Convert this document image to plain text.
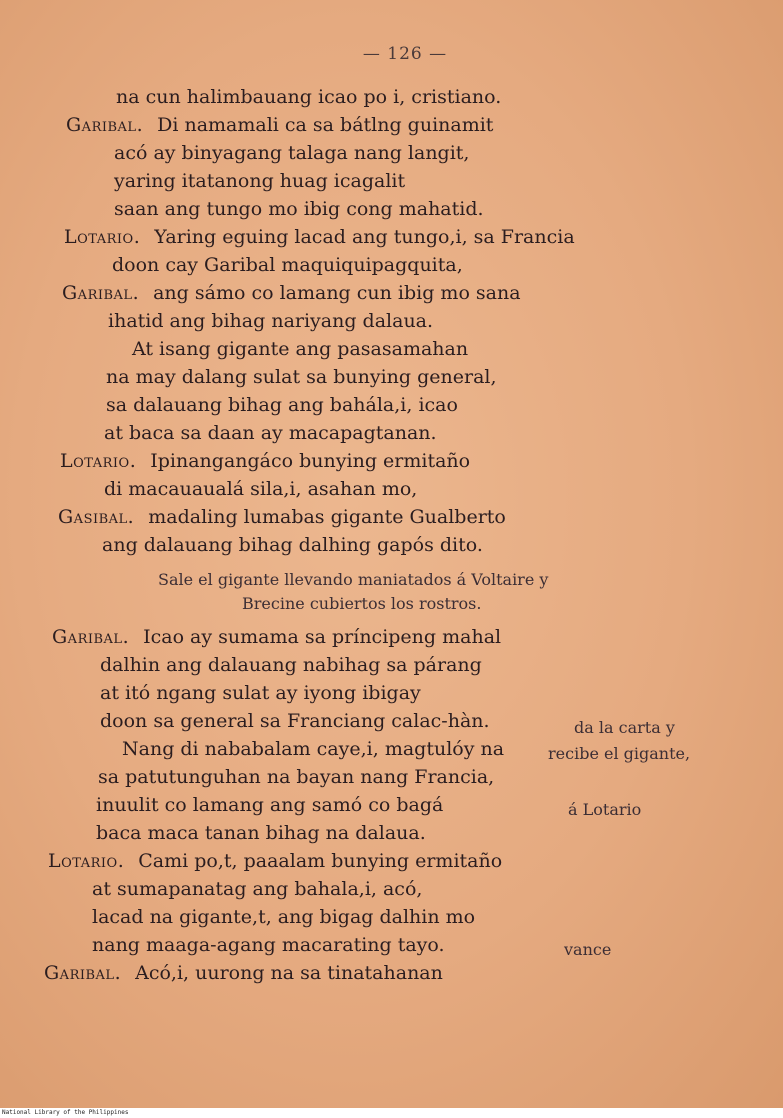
— 126 —
na cun halimbauang icao po i, cristiano.
Garibal. Di namamali ca sa bátlng guinamit
acó ay binyagang talaga nang langit,
yaring itatanong huag icagalit
saan ang tungo mo ibig cong mahatid.
Lotario. Yaring eguing lacad ang tungo,i, sa Francia
doon cay Garibal maquiquipagquita,
Garibal. ang sámo co lamang cun ibig mo sana
ihatid ang bihag nariyang dalaua.
At isang gigante ang pasasamahan
na may dalang sulat sa bunying general,
sa dalauang bihag ang bahála,i, icao
at baca sa daan ay macapagtanan.
Lotario. Ipinangangáco bunying ermitaño
di macauaualá sila,i, asahan mo,
Gasibal. madaling lumabas gigante Gualberto
ang dalauang bihag dalhing gapós dito.
Sale el gigante llevando maniatados á Voltaire y
Brecine cubiertos los rostros.
Garibal. Icao ay sumama sa príncipeng mahal
dalhin ang dalauang nabihag sa párang
at itó ngang sulat ay iyong ibigay
doon sa general sa Franciang calac-hàn.
Nang di nababalam caye,i, magtulóy na
sa patutunguhan na bayan nang Francia,
inuulit co lamang ang samó co bagá
baca maca tanan bihag na dalaua.
Lotario. Cami po,t, paaalam bunying ermitaño
at sumapanatag ang bahala,i, acó,
lacad na gigante,t, ang bigag dalhin mo
nang maaga-agang macarating tayo.
Garibal. Acó,i, uurong na sa tinatahanan
da la carta y
recibe el gigante,
á Lotario
vance
National Library of the Philippines
